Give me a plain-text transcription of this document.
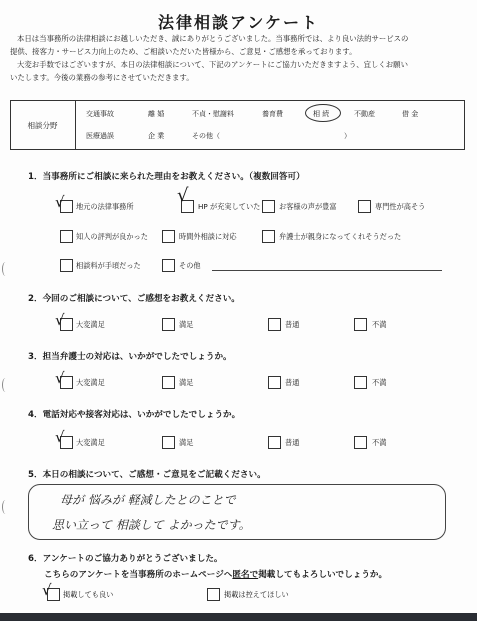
法律相談アンケート

本日は当事務所の法律相談にお越しいただき、誠にありがとうございました。当事務所では、より良い法的サービスの

提供、接客力・サービス力向上のため、ご相談いただいた皆様から、ご意見・ご感想を承っております。

大変お手数ではございますが、本日の法律相談について、下記のアンケートにご協力いただきますよう、宜しくお願い

いたします。今後の業務の参考にさせていただきます。

相談分野
交通事故	離 婚	不貞・慰謝料	養育費	相 続	不動産	借 金
医療過誤	企 業	その他（	）
1．当事務所にご相談に来られた理由をお教えください。（複数回答可）
√ 地元の法律事務所
√
HP が充実していた	お客様の声が豊富	専門性が高そう
知人の評判が良かった	時間外相談に対応	弁護士が親身になってくれそうだった
相談料が手頃だった	その他
2．今回のご相談について、ご感想をお教えください。
√ 大変満足	満足	普通	不満
3．担当弁護士の対応は、いかがでしたでしょうか。
√ 大変満足	満足	普通	不満
4．電話対応や接客対応は、いかがでしたでしょうか。
√ 大変満足	満足	普通	不満
5．本日の相談について、ご感想・ご意見をご記載ください。
母が 悩みが 軽減したとのことで
思い立って 相談して よかったです。
6．アンケートのご協力ありがとうございました。
こちらのアンケートを当事務所のホームページへ匿名で掲載してもよろしいでしょうか。
√ 掲載しても良い	掲載は控えてほしい
